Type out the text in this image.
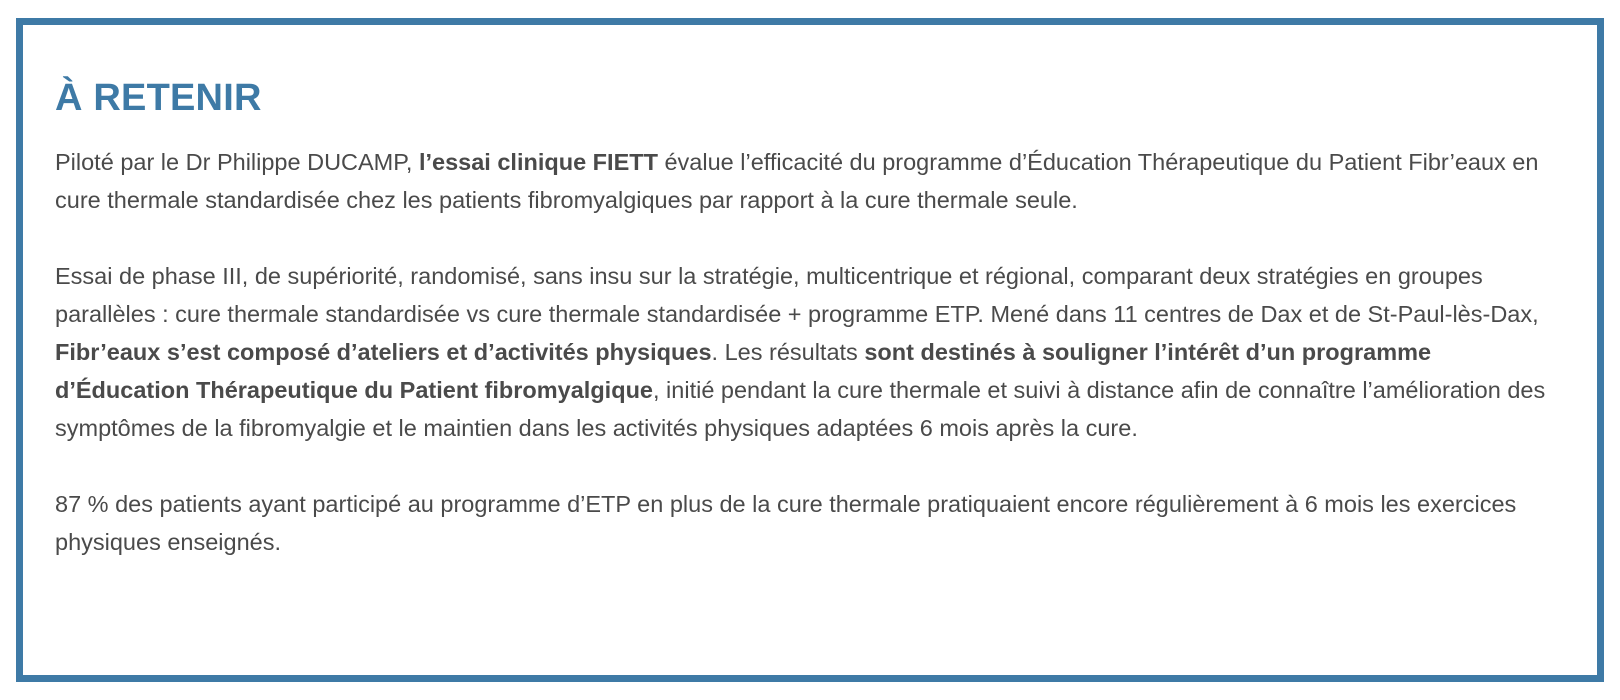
À RETENIR

Piloté par le Dr Philippe DUCAMP, l’essai clinique FIETT évalue l’efficacité du programme d’Éducation Thérapeutique du Patient Fibr’eaux en cure thermale standardisée chez les patients fibromyalgiques par rapport à la cure thermale seule.

Essai de phase III, de supériorité, randomisé, sans insu sur la stratégie, multicentrique et régional, comparant deux stratégies en groupes parallèles : cure thermale standardisée vs cure thermale standardisée + programme ETP. Mené dans 11 centres de Dax et de St-Paul-lès-Dax, Fibr’eaux s’est composé d’ateliers et d’activités physiques. Les résultats sont destinés à souligner l’intérêt d’un programme d’Éducation Thérapeutique du Patient fibromyalgique, initié pendant la cure thermale et suivi à distance afin de connaître l’amélioration des symptômes de la fibromyalgie et le maintien dans les activités physiques adaptées 6 mois après la cure.

87 % des patients ayant participé au programme d’ETP en plus de la cure thermale pratiquaient encore régulièrement à 6 mois les exercices physiques enseignés.
